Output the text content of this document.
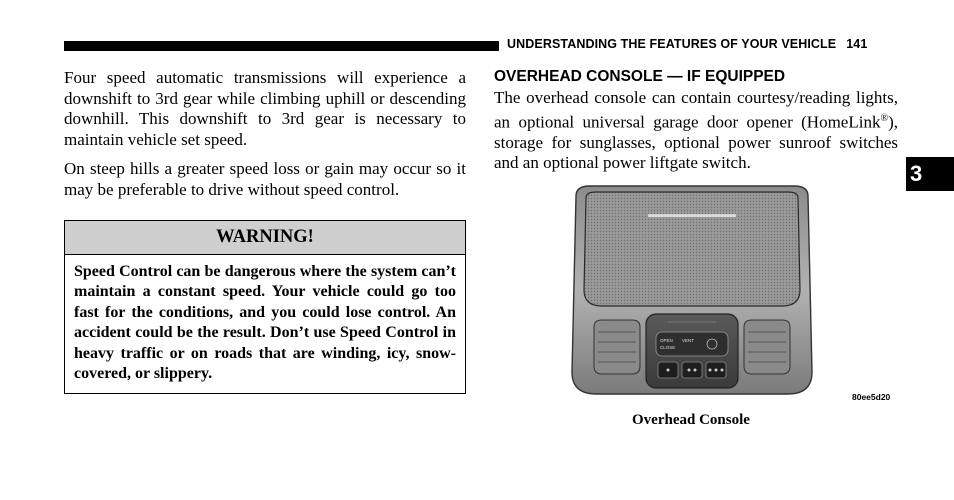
UNDERSTANDING THE FEATURES OF YOUR VEHICLE 141

Four speed automatic transmissions will experience a downshift to 3rd gear while climbing uphill or descending downhill. This downshift to 3rd gear is necessary to maintain vehicle set speed.

On steep hills a greater speed loss or gain may occur so it may be preferable to drive without speed control.

WARNING!
Speed Control can be dangerous where the system can’t maintain a constant speed. Your vehicle could go too fast for the conditions, and you could lose control. An accident could be the result. Don’t use Speed Control in heavy traffic or on roads that are winding, icy, snow-covered, or slippery.
OVERHEAD CONSOLE — IF EQUIPPED

The overhead console can contain courtesy/reading lights, an optional universal garage door opener (HomeLink®), storage for sunglasses, optional power sunroof switches and an optional power liftgate switch.	3
OPEN
CLOSE
VENT
80ee5d20
Overhead Console
